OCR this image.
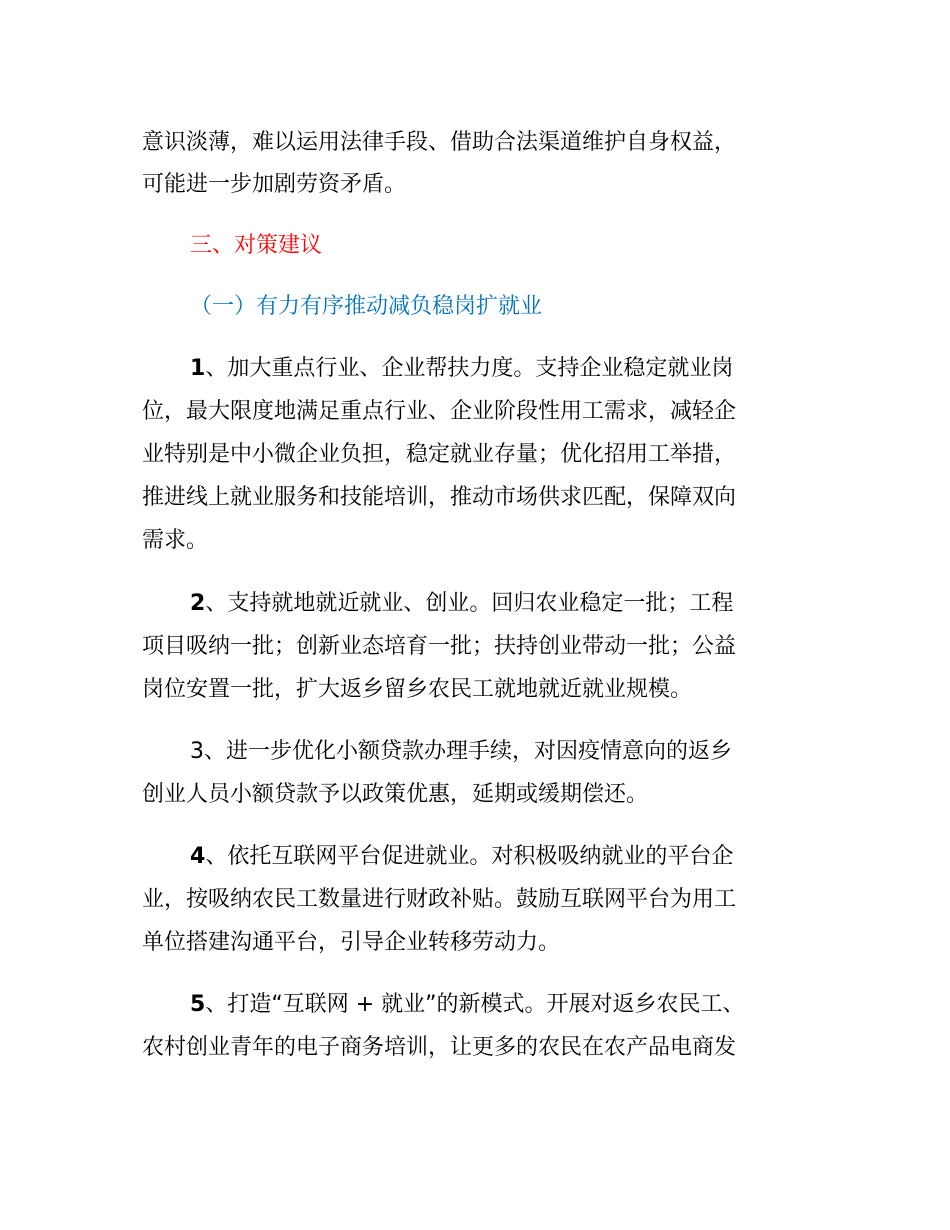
意识淡薄，难以运用法律手段、借助合法渠道维护自身权益，
可能进一步加剧劳资矛盾。
三、对策建议
（一）有力有序推动减负稳岗扩就业
1、加大重点行业、企业帮扶力度。支持企业稳定就业岗
位，最大限度地满足重点行业、企业阶段性用工需求，减轻企
业特别是中小微企业负担，稳定就业存量；优化招用工举措，
推进线上就业服务和技能培训，推动市场供求匹配，保障双向
需求。
2、支持就地就近就业、创业。回归农业稳定一批；工程
项目吸纳一批；创新业态培育一批；扶持创业带动一批；公益
岗位安置一批，扩大返乡留乡农民工就地就近就业规模。
3、进一步优化小额贷款办理手续，对因疫情意向的返乡
创业人员小额贷款予以政策优惠，延期或缓期偿还。
4、依托互联网平台促进就业。对积极吸纳就业的平台企
业，按吸纳农民工数量进行财政补贴。鼓励互联网平台为用工
单位搭建沟通平台，引导企业转移劳动力。
5、打造“互联网 + 就业”的新模式。开展对返乡农民工、
农村创业青年的电子商务培训，让更多的农民在农产品电商发
